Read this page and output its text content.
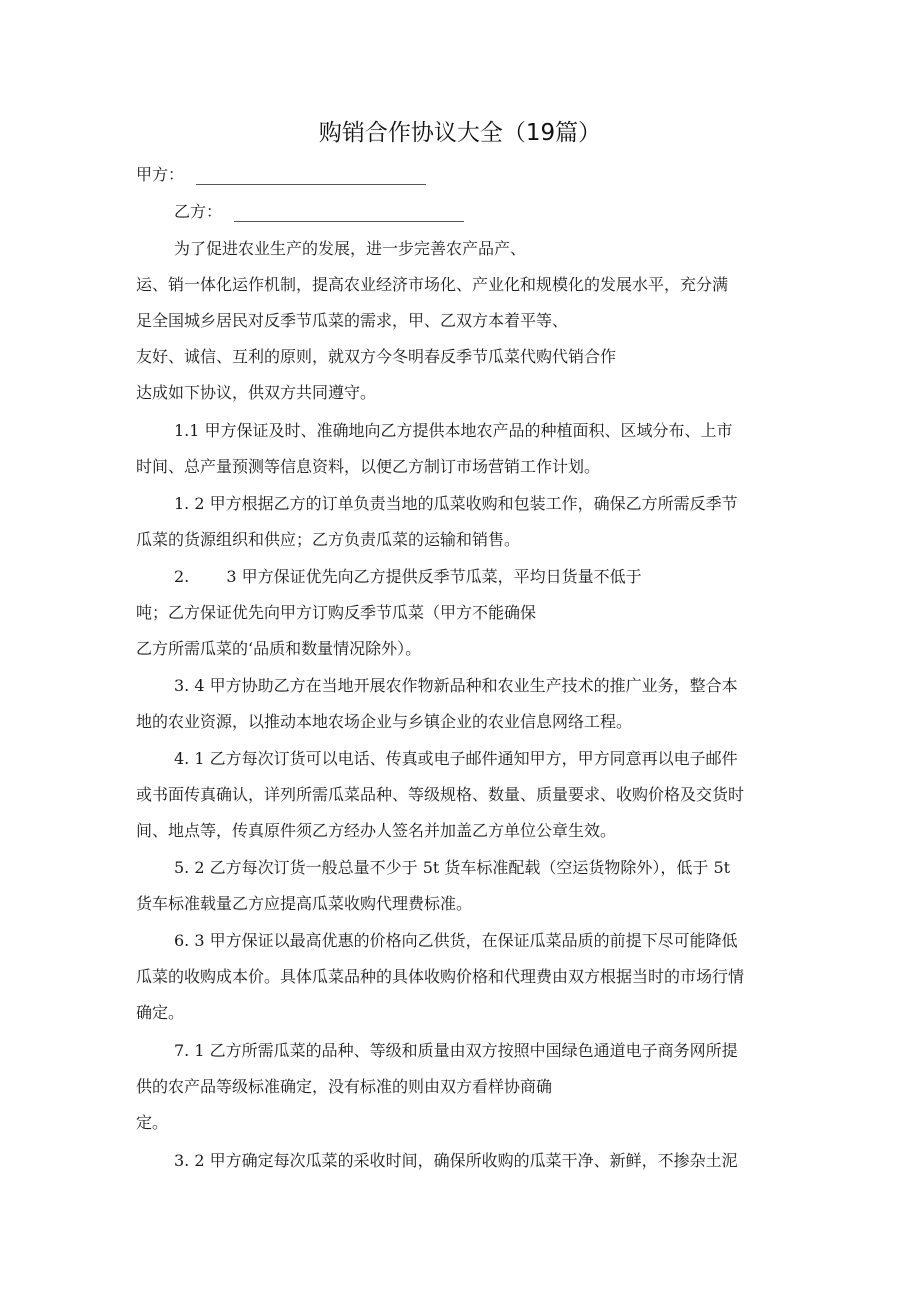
购销合作协议大全（19篇）
甲方：
乙方：
为了促进农业生产的发展，进一步完善农产品产、
运、销一体化运作机制，提高农业经济市场化、产业化和规模化的发展水平，充分满
足全国城乡居民对反季节瓜菜的需求，甲、乙双方本着平等、
友好、诚信、互利的原则，就双方今冬明春反季节瓜菜代购代销合作
达成如下协议，供双方共同遵守。
1.1 甲方保证及时、准确地向乙方提供本地农产品的种植面积、区域分布、上市
时间、总产量预测等信息资料，以便乙方制订市场营销工作计划。
1. 2 甲方根据乙方的订单负责当地的瓜菜收购和包装工作，确保乙方所需反季节
瓜菜的货源组织和供应；乙方负责瓜菜的运输和销售。
2.　　 3 甲方保证优先向乙方提供反季节瓜菜，平均日货量不低于
吨；乙方保证优先向甲方订购反季节瓜菜（甲方不能确保
乙方所需瓜菜的‘品质和数量情况除外）。
3. 4 甲方协助乙方在当地开展农作物新品种和农业生产技术的推广业务，整合本
地的农业资源，以推动本地农场企业与乡镇企业的农业信息网络工程。
4. 1 乙方每次订货可以电话、传真或电子邮件通知甲方，甲方同意再以电子邮件
或书面传真确认，详列所需瓜菜品种、等级规格、数量、质量要求、收购价格及交货时
间、地点等，传真原件须乙方经办人签名并加盖乙方单位公章生效。
5. 2 乙方每次订货一般总量不少于 5t 货车标准配载（空运货物除外），低于 5t
货车标准载量乙方应提高瓜菜收购代理费标准。
6. 3 甲方保证以最高优惠的价格向乙供货，在保证瓜菜品质的前提下尽可能降低
瓜菜的收购成本价。具体瓜菜品种的具体收购价格和代理费由双方根据当时的市场行情
确定。
7. 1 乙方所需瓜菜的品种、等级和质量由双方按照中国绿色通道电子商务网所提
供的农产品等级标准确定，没有标准的则由双方看样协商确
定。
3. 2 甲方确定每次瓜菜的采收时间，确保所收购的瓜菜干净、新鲜，不掺杂土泥
